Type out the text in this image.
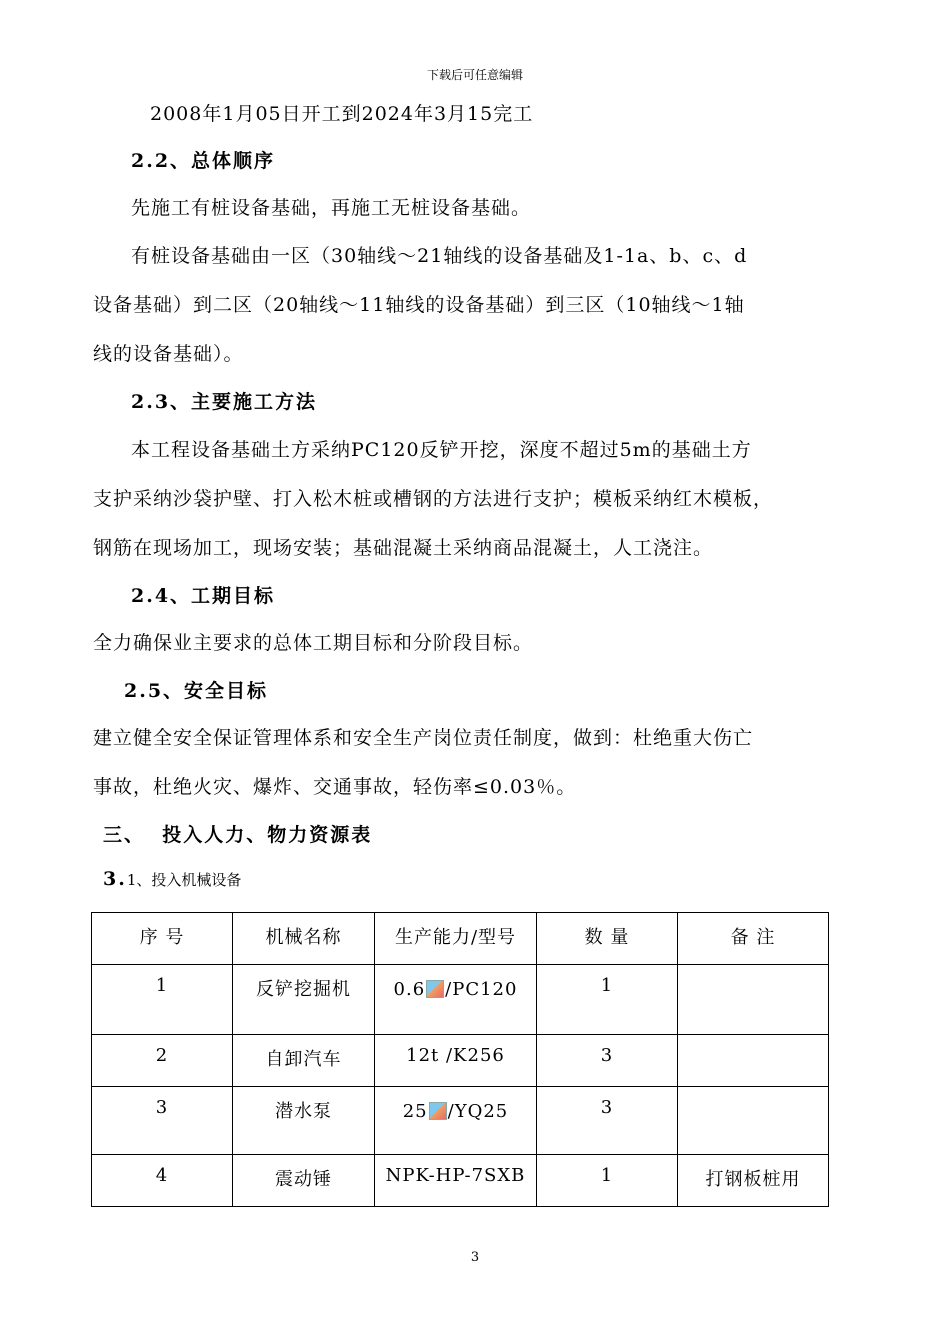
下载后可任意编辑
2008年1月05日开工到2024年3月15完工
2.2、总体顺序
先施工有桩设备基础，再施工无桩设备基础。
有桩设备基础由一区（30轴线～21轴线的设备基础及1-1a、b、c、d
设备基础）到二区（20轴线～11轴线的设备基础）到三区（10轴线～1轴
线的设备基础）。
2.3、主要施工方法
本工程设备基础土方采纳PC120反铲开挖，深度不超过5m的基础土方
支护采纳沙袋护壁、打入松木桩或槽钢的方法进行支护；模板采纳红木模板，
钢筋在现场加工，现场安装；基础混凝土采纳商品混凝土，人工浇注。
2.4、工期目标
全力确保业主要求的总体工期目标和分阶段目标。
2.5、安全目标
建立健全安全保证管理体系和安全生产岗位责任制度，做到：杜绝重大伤亡
事故，杜绝火灾、爆炸、交通事故，轻伤率≤0.03％。
三、  投入人力、物力资源表
3.1、投入机械设备
序 号	机械名称	生产能力/型号	数 量	备 注
1	反铲挖掘机	0.6 /PC120	1	
2	自卸汽车	12t /K256	3	
3	潜水泵	25 /YQ25	3	
4	震动锤	NPK-HP-7SXB	1	打钢板桩用
3
